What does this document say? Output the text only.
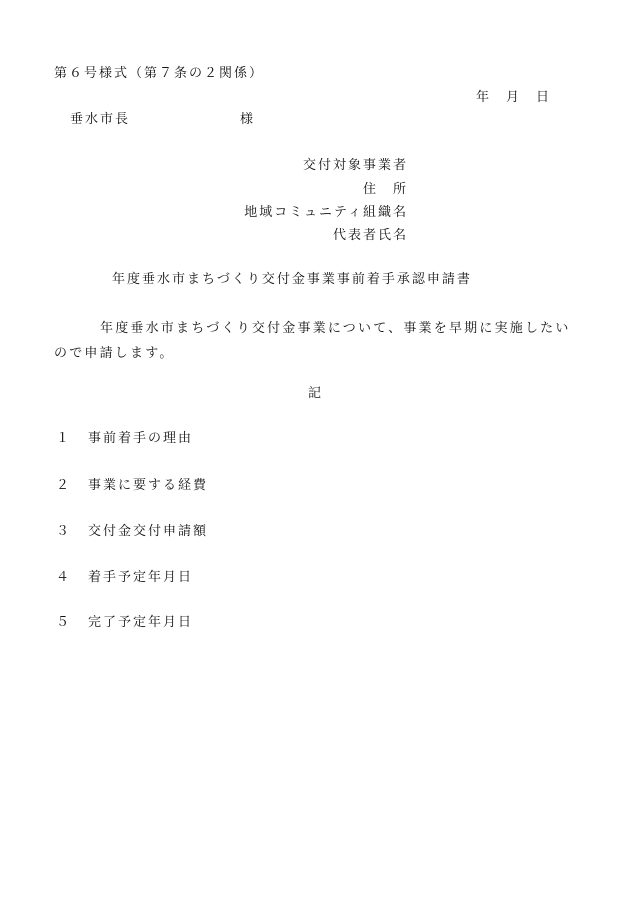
第６号様式（第７条の２関係）
年　月　日
垂水市長	様
交付対象事業者
住　所
地域コミュニティ組織名
代表者氏名
年度垂水市まちづくり交付金事業事前着手承認申請書
年度垂水市まちづくり交付金事業について、事業を早期に実施したいので申請します。
記
１ 事前着手の理由
２ 事業に要する経費
３ 交付金交付申請額
４ 着手予定年月日
５ 完了予定年月日
